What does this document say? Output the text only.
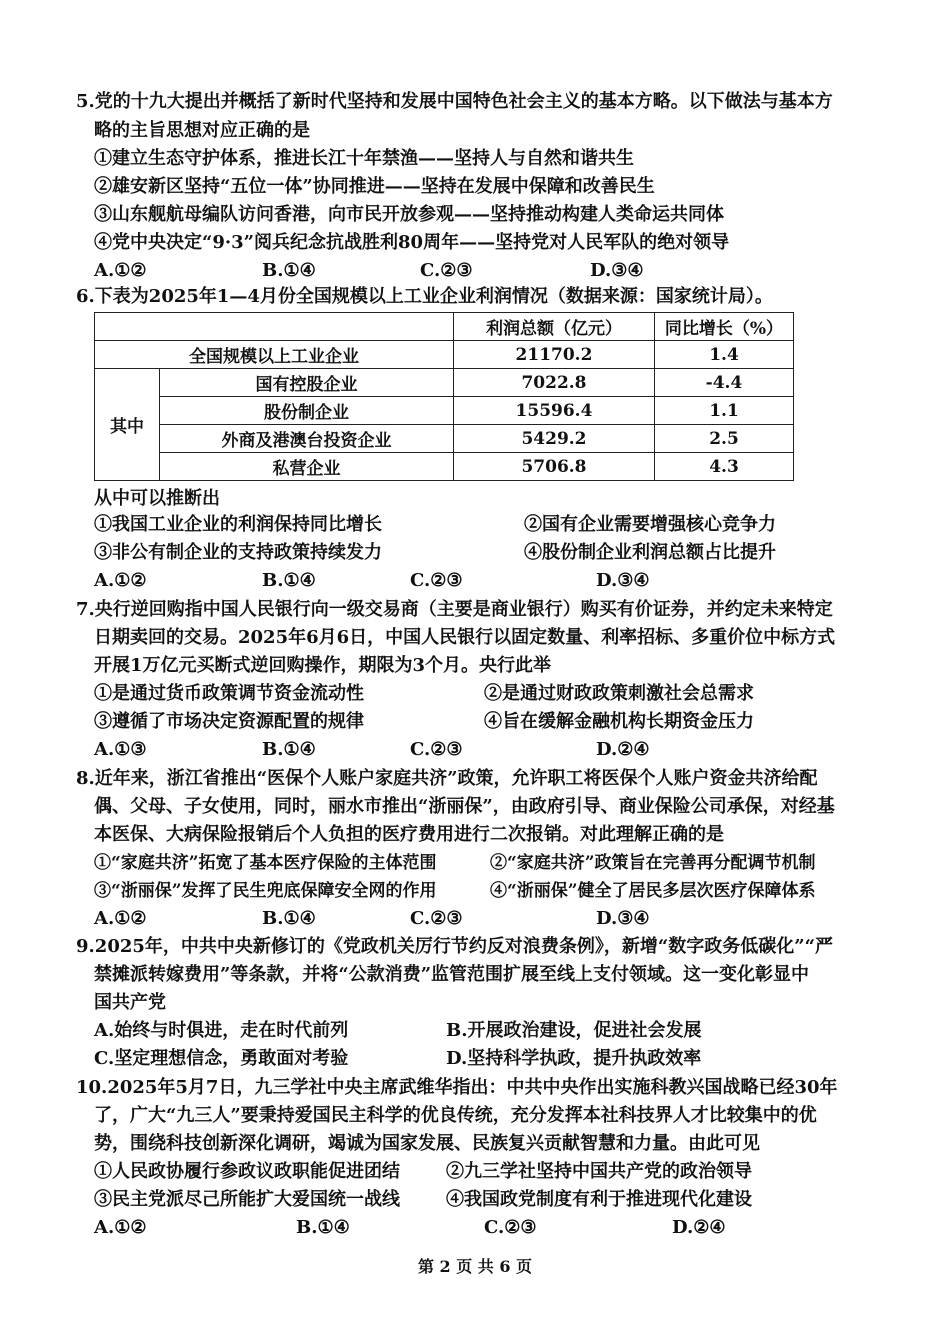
5.党的十九大提出并概括了新时代坚持和发展中国特色社会主义的基本方略。以下做法与基本方
略的主旨思想对应正确的是
①建立生态守护体系，推进长江十年禁渔——坚持人与自然和谐共生
②雄安新区坚持“五位一体”协同推进——坚持在发展中保障和改善民生
③山东舰航母编队访问香港，向市民开放参观——坚持推动构建人类命运共同体
④党中央决定“9·3”阅兵纪念抗战胜利80周年——坚持党对人民军队的绝对领导
A.①②	B.①④	C.②③	D.③④
6.下表为2025年1—4月份全国规模以上工业企业利润情况（数据来源：国家统计局）。
		利润总额（亿元）	同比增长（%）
全国规模以上工业企业		21170.2	1.4
其中	国有控股企业	7022.8	-4.4
	股份制企业	15596.4	1.1
	外商及港澳台投资企业	5429.2	2.5
	私营企业	5706.8	4.3
从中可以推断出
①我国工业企业的利润保持同比增长	②国有企业需要增强核心竞争力
③非公有制企业的支持政策持续发力	④股份制企业利润总额占比提升
A.①②	B.①④	C.②③	D.③④
7.央行逆回购指中国人民银行向一级交易商（主要是商业银行）购买有价证券，并约定未来特定
日期卖回的交易。2025年6月6日，中国人民银行以固定数量、利率招标、多重价位中标方式
开展1万亿元买断式逆回购操作，期限为3个月。央行此举
①是通过货币政策调节资金流动性	②是通过财政政策刺激社会总需求
③遵循了市场决定资源配置的规律	④旨在缓解金融机构长期资金压力
A.①③	B.①④	C.②③	D.②④
8.近年来，浙江省推出“医保个人账户家庭共济”政策，允许职工将医保个人账户资金共济给配
偶、父母、子女使用，同时，丽水市推出“浙丽保”，由政府引导、商业保险公司承保，对经基
本医保、大病保险报销后个人负担的医疗费用进行二次报销。对此理解正确的是
①“家庭共济”拓宽了基本医疗保险的主体范围	②“家庭共济”政策旨在完善再分配调节机制
③“浙丽保”发挥了民生兜底保障安全网的作用	④“浙丽保”健全了居民多层次医疗保障体系
A.①②	B.①④	C.②③	D.③④
9.2025年，中共中央新修订的《党政机关厉行节约反对浪费条例》，新增“数字政务低碳化”“严
禁摊派转嫁费用”等条款，并将“公款消费”监管范围扩展至线上支付领域。这一变化彰显中
国共产党
A.始终与时俱进，走在时代前列	B.开展政治建设，促进社会发展
C.坚定理想信念，勇敢面对考验	D.坚持科学执政，提升执政效率
10.2025年5月7日，九三学社中央主席武维华指出：中共中央作出实施科教兴国战略已经30年
了，广大“九三人”要秉持爱国民主科学的优良传统，充分发挥本社科技界人才比较集中的优
势，围绕科技创新深化调研，竭诚为国家发展、民族复兴贡献智慧和力量。由此可见
①人民政协履行参政议政职能促进团结	②九三学社坚持中国共产党的政治领导
③民主党派尽己所能扩大爱国统一战线	④我国政党制度有利于推进现代化建设
A.①②	B.①④	C.②③	D.②④
第 2 页 共 6 页
